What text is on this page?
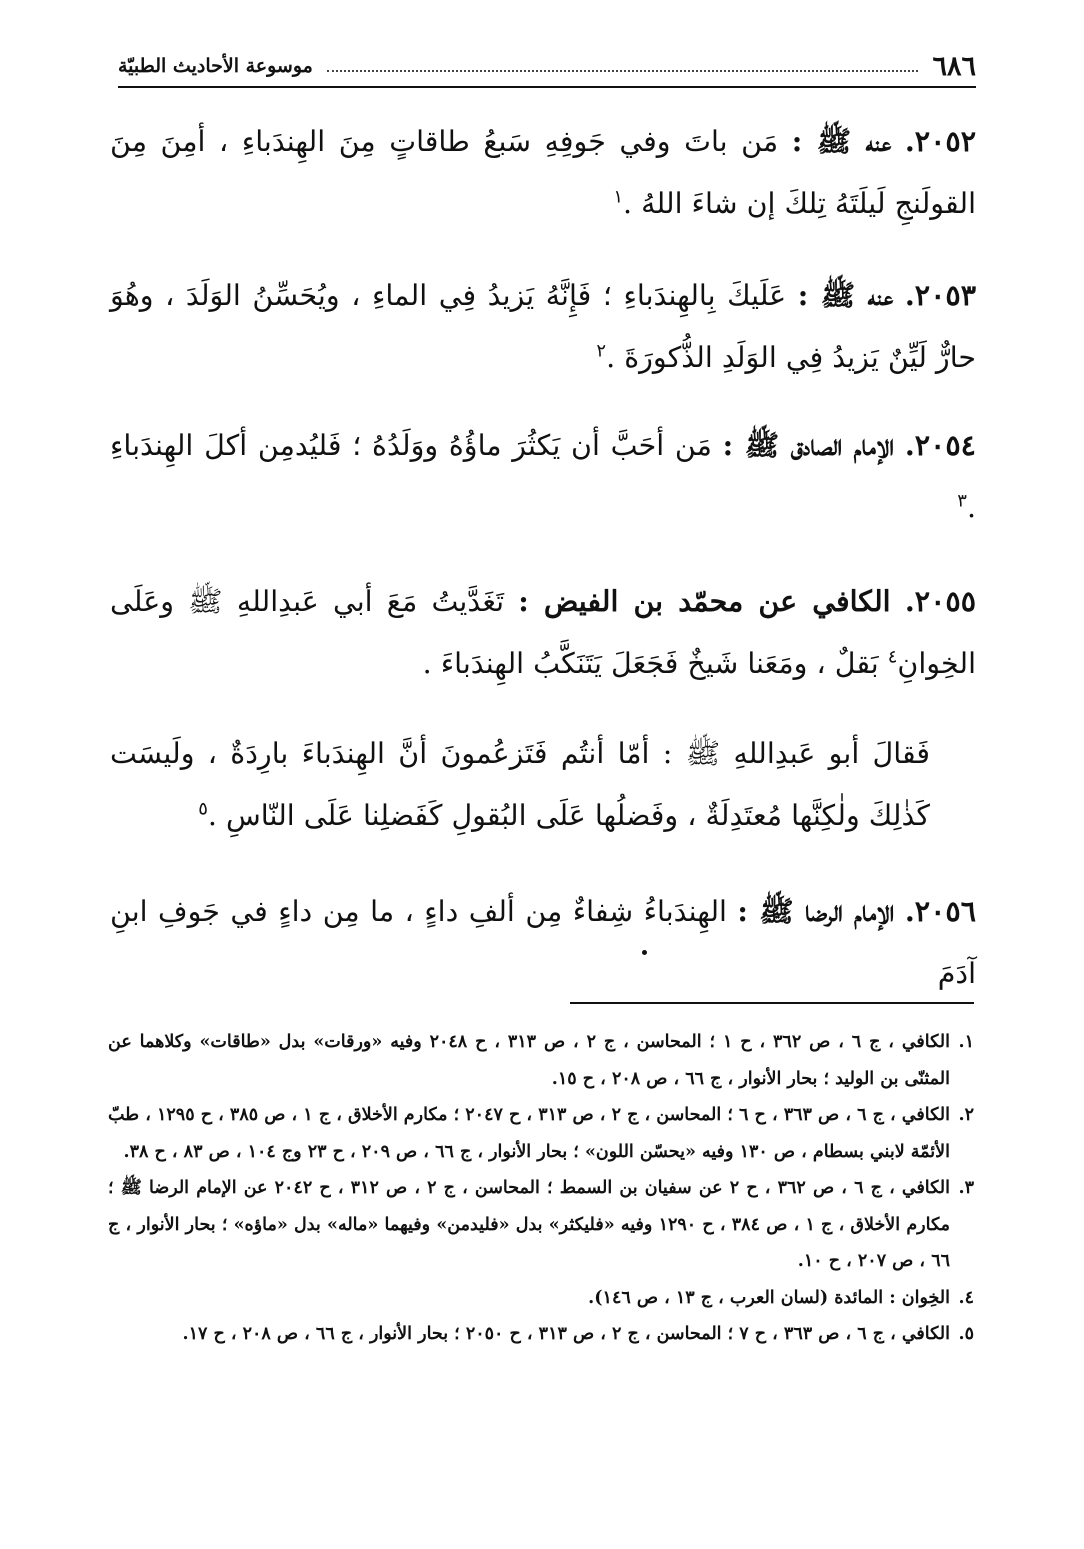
٦٨٦
موسوعة الأحاديث الطبيّة
٢٠٥٢. عنه ﷺ : مَن باتَ وفي جَوفِهِ سَبعُ طاقاتٍ مِنَ الهِندَباءِ ، أمِنَ مِنَ القولَنجِ لَيلَتَهُ تِلكَ إن شاءَ اللهُ .$^١$
٢٠٥٣. عنه ﷺ : عَلَيكَ بِالهِندَباءِ ؛ فَإِنَّهُ يَزيدُ فِي الماءِ ، ويُحَسِّنُ الوَلَدَ ، وهُوَ حارٌّ لَيِّنٌ يَزيدُ فِي الوَلَدِ الذُّكورَةَ .$^٢$
٢٠٥٤. الإمام الصادق ﷺ : مَن أحَبَّ أن يَكثُرَ ماؤُهُ ووَلَدُهُ ؛ فَليُدمِن أكلَ الهِندَباءِ .$^٣$
٢٠٥٥. الكافي عن محمّد بن الفيض : تَغَدَّيتُ مَعَ أبي عَبدِاللهِ ﷺ وعَلَى الخِوانِ$^٤$ بَقلٌ ، ومَعَنا شَيخٌ فَجَعَلَ يَتَنَكَّبُ الهِندَباءَ .
فَقالَ أبو عَبدِاللهِ ﷺ : أمّا أنتُم فَتَزعُمونَ أنَّ الهِندَباءَ بارِدَةٌ ، ولَيسَت كَذٰلِكَ ولٰكِنَّها مُعتَدِلَةٌ ، وفَضلُها عَلَى البُقولِ كَفَضلِنا عَلَى النّاسِ .$^٥$
٢٠٥٦. الإمام الرضا ﷺ : الهِندَباءُ شِفاءٌ مِن ألفِ داءٍ ، ما مِن داءٍ في جَوفِ ابنِ آدَمَ
١.
الكافي ، ج ٦ ، ص ٣٦٢ ، ح ١ ؛ المحاسن ، ج ٢ ، ص ٣١٣ ، ح ٢٠٤٨ وفيه «ورقات» بدل «طاقات» وكلاهما عن المثنّى بن الوليد ؛ بحار الأنوار ، ج ٦٦ ، ص ٢٠٨ ، ح ١٥.
٢.
الكافي ، ج ٦ ، ص ٣٦٣ ، ح ٦ ؛ المحاسن ، ج ٢ ، ص ٣١٣ ، ح ٢٠٤٧ ؛ مكارم الأخلاق ، ج ١ ، ص ٣٨٥ ، ح ١٢٩٥ ، طبّ الأئمّة لابني بسطام ، ص ١٣٠ وفيه «يحسّن اللون» ؛ بحار الأنوار ، ج ٦٦ ، ص ٢٠٩ ، ح ٢٣ وج ١٠٤ ، ص ٨٣ ، ح ٣٨.
٣.
الكافي ، ج ٦ ، ص ٣٦٢ ، ح ٢ عن سفيان بن السمط ؛ المحاسن ، ج ٢ ، ص ٣١٢ ، ح ٢٠٤٢ عن الإمام الرضا ﷺ ؛ مكارم الأخلاق ، ج ١ ، ص ٣٨٤ ، ح ١٢٩٠ وفيه «فليكثر» بدل «فليدمن» وفيهما «ماله» بدل «ماؤه» ؛ بحار الأنوار ، ج ٦٦ ، ص ٢٠٧ ، ح ١٠.
٤.
الخِوان : المائدة (لسان العرب ، ج ١٣ ، ص ١٤٦).
٥.
الكافي ، ج ٦ ، ص ٣٦٣ ، ح ٧ ؛ المحاسن ، ج ٢ ، ص ٣١٣ ، ح ٢٠٥٠ ؛ بحار الأنوار ، ج ٦٦ ، ص ٢٠٨ ، ح ١٧.
